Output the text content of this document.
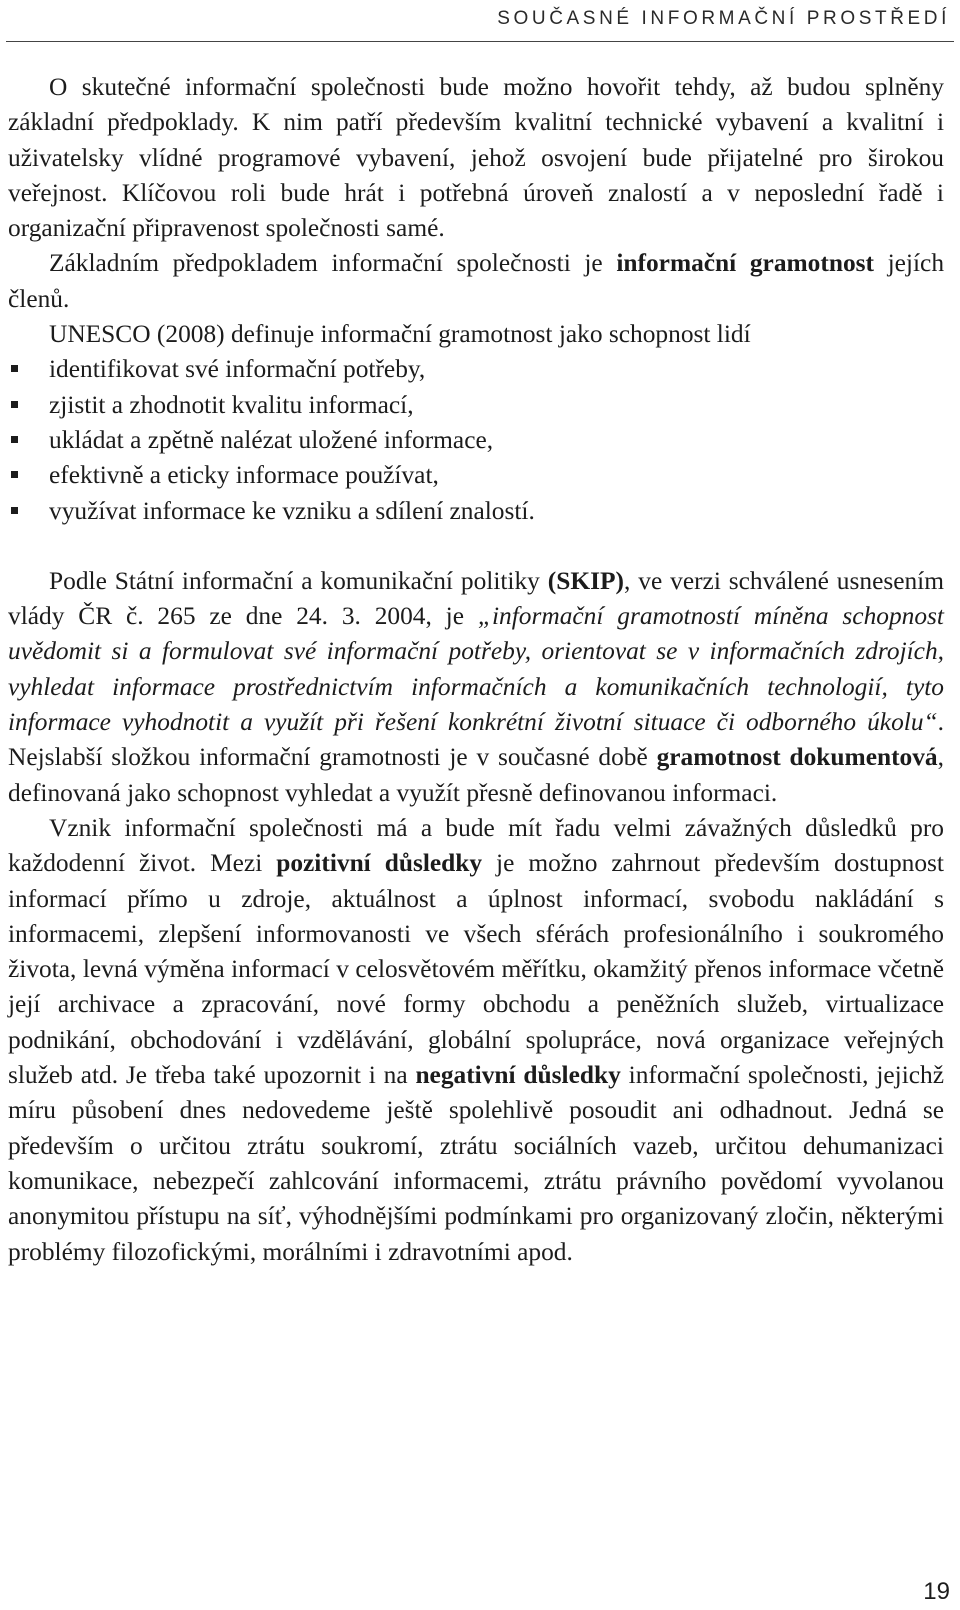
SOUČASNÉ INFORMAČNÍ PROSTŘEDÍ

O skutečné informační společnosti bude možno hovořit tehdy, až budou splněny základní předpoklady. K nim patří především kvalitní technické vybavení a kvalitní i uživatelsky vlídné programové vybavení, jehož osvojení bude přijatelné pro širokou veřejnost. Klíčovou roli bude hrát i potřebná úroveň znalostí a v neposlední řadě i organizační připravenost společnosti samé.

Základním předpokladem informační společnosti je informační gramotnost jejích členů.

UNESCO (2008) definuje informační gramotnost jako schopnost lidí

identifikovat své informační potřeby,
zjistit a zhodnotit kvalitu informací,
ukládat a zpětně nalézat uložené informace,
efektivně a eticky informace používat,
využívat informace ke vzniku a sdílení znalostí.

Podle Státní informační a komunikační politiky (SKIP), ve verzi schválené usnesením vlády ČR č. 265 ze dne 24. 3. 2004, je „informační gramotností míněna schopnost uvědomit si a formulovat své informační potřeby, orientovat se v informačních zdrojích, vyhledat informace prostřednictvím informačních a komunikačních technologií, tyto informace vyhodnotit a využít při řešení konkrétní životní situace či odborného úkolu“. Nejslabší složkou informační gramotnosti je v současné době gramotnost dokumentová, definovaná jako schopnost vyhledat a využít přesně definovanou informaci.

Vznik informační společnosti má a bude mít řadu velmi závažných důsledků pro každodenní život. Mezi pozitivní důsledky je možno zahrnout především dostupnost informací přímo u zdroje, aktuálnost a úplnost informací, svobodu nakládání s informacemi, zlepšení informovanosti ve všech sférách profesionálního i soukromého života, levná výměna informací v celosvětovém měřítku, okamžitý přenos informace včetně její archivace a zpracování, nové formy obchodu a peněžních služeb, virtualizace podnikání, obchodování i vzdělávání, globální spolupráce, nová organizace veřejných služeb atd. Je třeba také upozornit i na negativní důsledky informační společnosti, jejichž míru působení dnes nedovedeme ještě spolehlivě posoudit ani odhadnout. Jedná se především o určitou ztrátu soukromí, ztrátu sociálních vazeb, určitou dehumanizaci komunikace, nebezpečí zahlcování informacemi, ztrátu právního povědomí vyvolanou anonymitou přístupu na síť, výhodnějšími podmínkami pro organizovaný zločin, některými problémy filozofickými, morálními i zdravotními apod.

19
